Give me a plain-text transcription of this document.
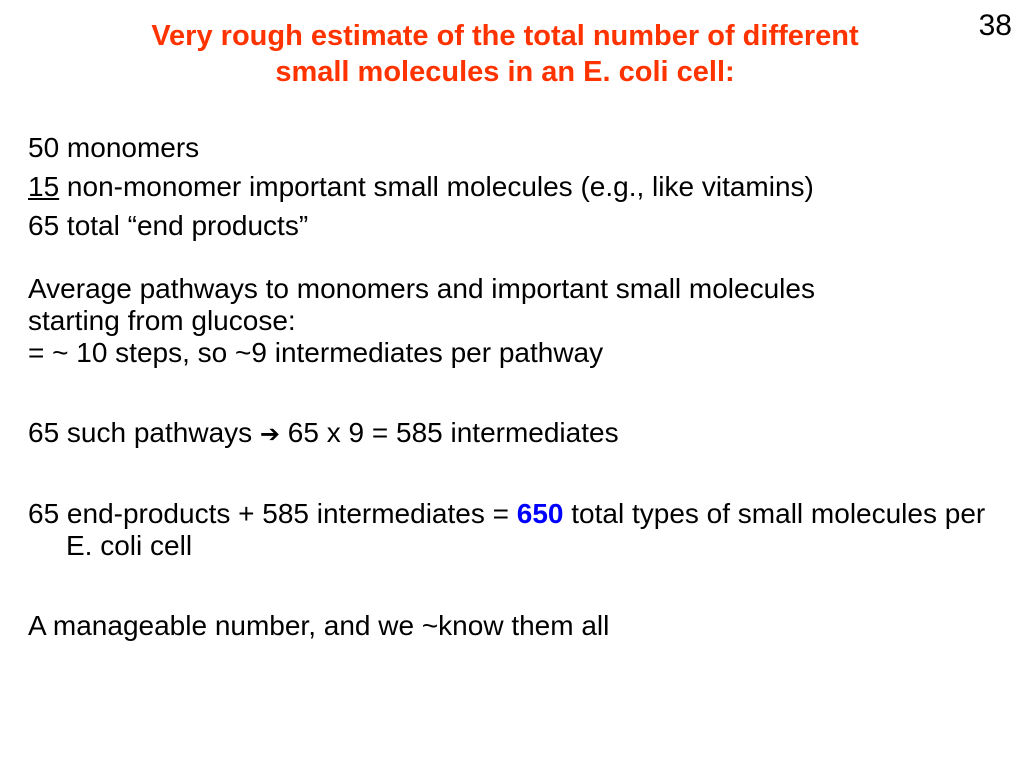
38
Very rough estimate of the total number of different
small molecules in an E. coli cell:
50 monomers
15 non-monomer important small molecules (e.g., like vitamins)
65 total “end products”
Average pathways to monomers and important small molecules
starting from glucose:
= ~ 10 steps, so ~9 intermediates per pathway
65 such pathways ➔ 65 x 9 = 585 intermediates
65 end-products + 585 intermediates = 650 total types of small molecules per E. coli cell
A manageable number, and we ~know them all
